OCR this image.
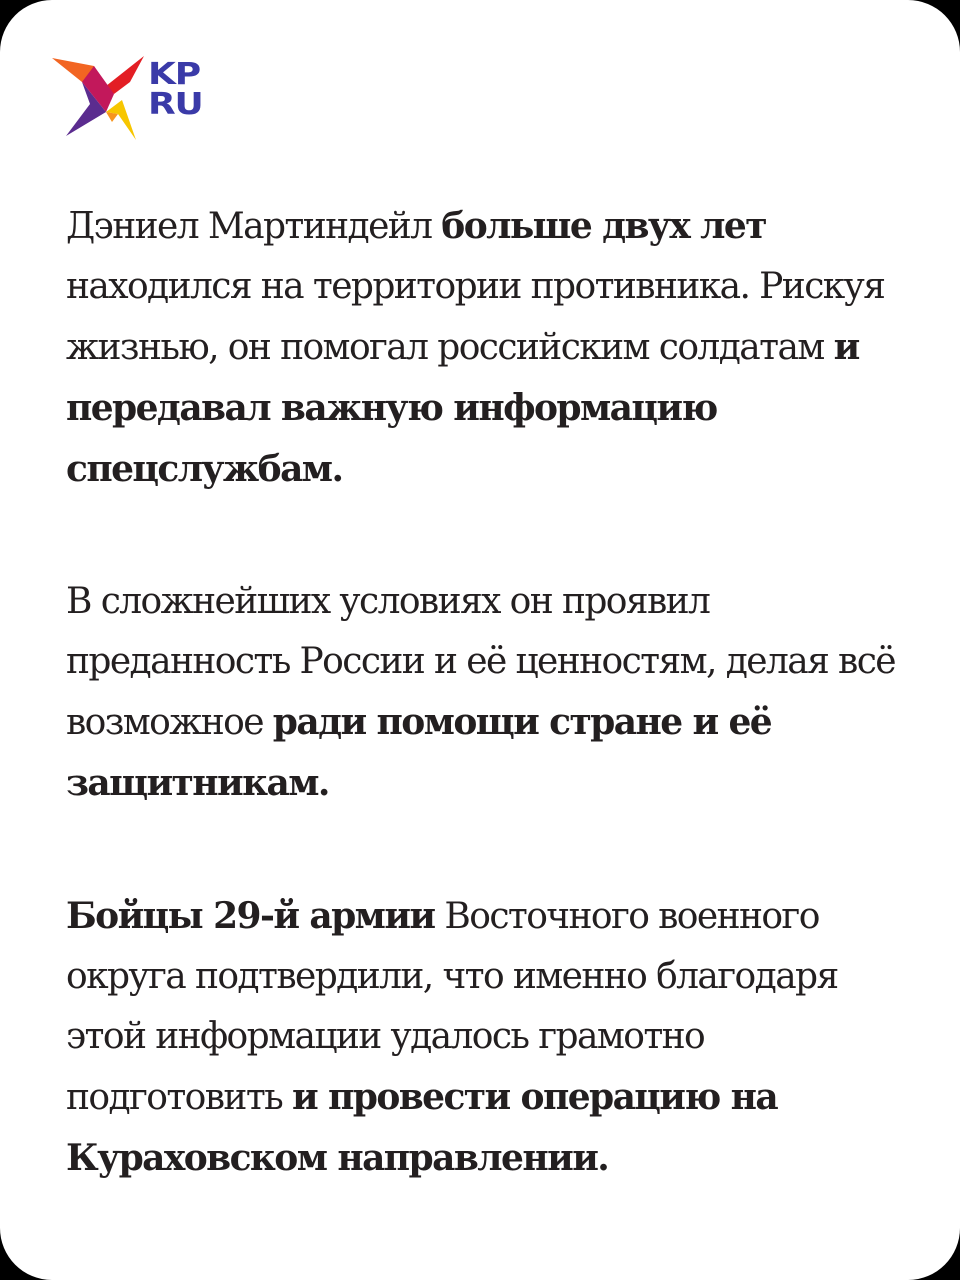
KP
RU

Дэниел Мартиндейл больше двух лет находился на территории противника. Рискуя жизнью, он помогал российским солдатам и передавал важную информацию спецслужбам.

В сложнейших условиях он проявил преданность России и её ценностям, делая всё возможное ради помощи стране и её защитникам.

Бойцы 29-й армии Восточного военного округа подтвердили, что именно благодаря этой информации удалось грамотно подготовить и провести операцию на Кураховском направлении.
